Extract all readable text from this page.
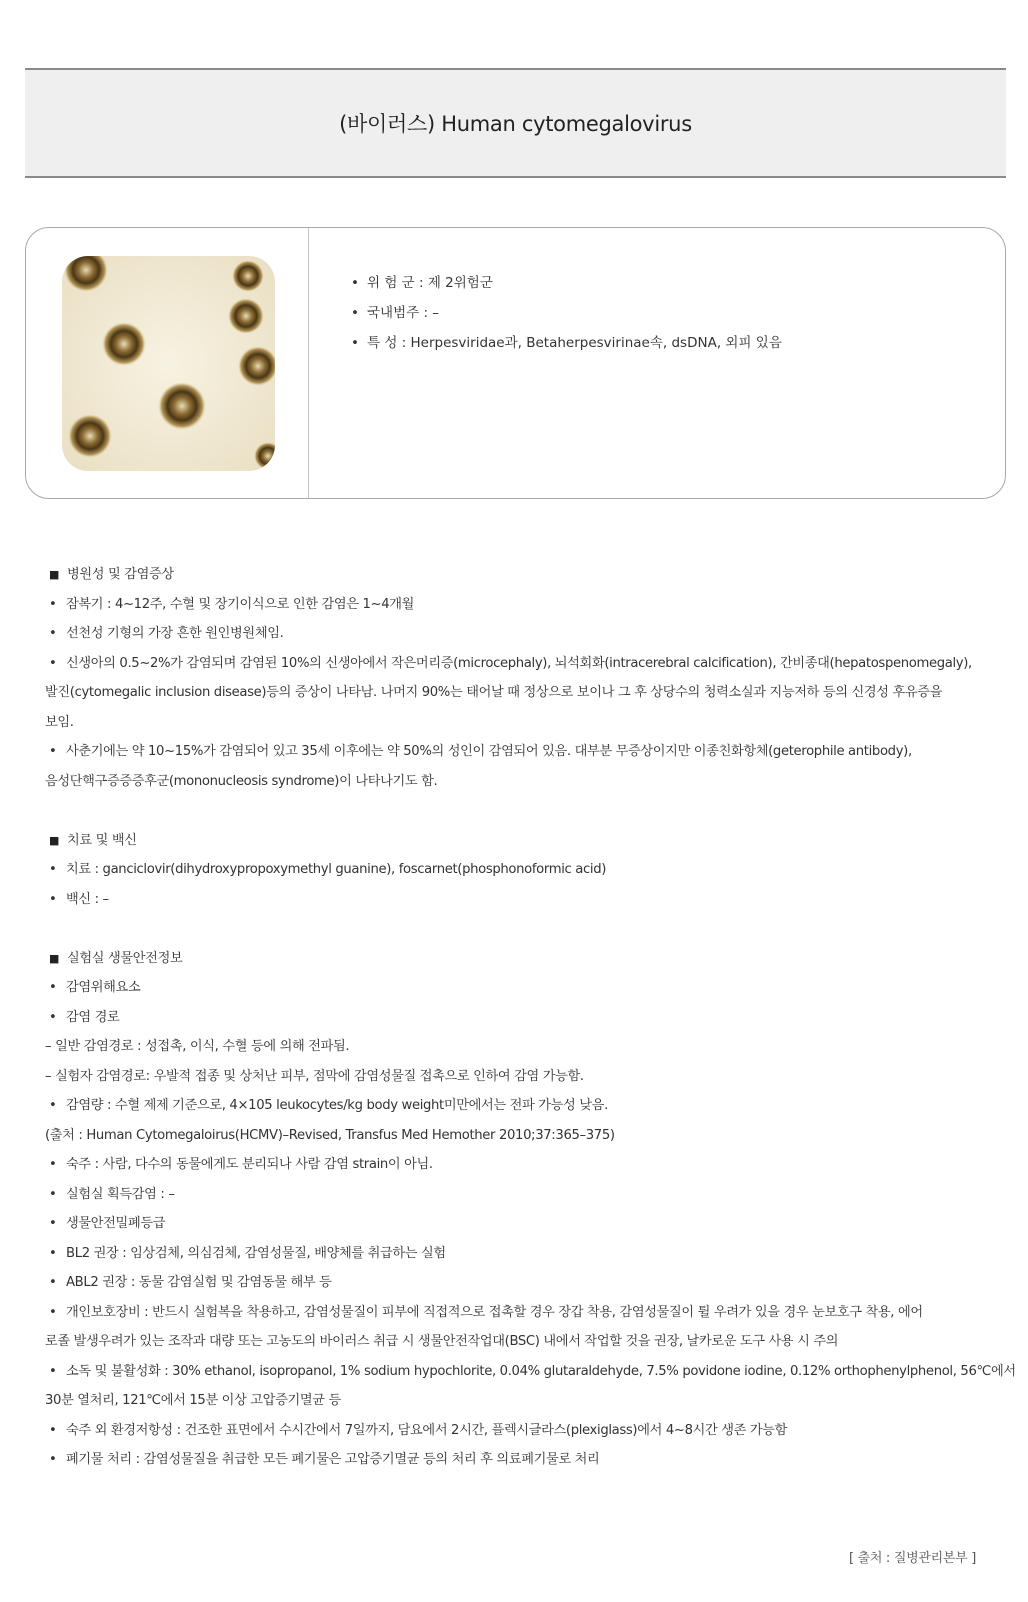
(바이러스) Human cytomegalovirus
• 위 험 군 : 제 2위험군
• 국내범주 : –
• 특 성 : Herpesviridae과, Betaherpesvirinae속, dsDNA, 외피 있음
■ 병원성 및 감염증상
• 잠복기 : 4~12주, 수혈 및 장기이식으로 인한 감염은 1~4개월
• 선천성 기형의 가장 흔한 원인병원체임.
• 신생아의 0.5~2%가 감염되며 감염된 10%의 신생아에서 작은머리증(microcephaly), 뇌석회화(intracerebral calcification), 간비종대(hepatospenomegaly),
발진(cytomegalic inclusion disease)등의 증상이 나타남. 나머지 90%는 태어날 때 정상으로 보이나 그 후 상당수의 청력소실과 지능저하 등의 신경성 후유증을
보임.
• 사춘기에는 약 10~15%가 감염되어 있고 35세 이후에는 약 50%의 성인이 감염되어 있음. 대부분 무증상이지만 이종친화항체(geterophile antibody),
음성단핵구증증증후군(mononucleosis syndrome)이 나타나기도 함.
■ 치료 및 백신
• 치료 : ganciclovir(dihydroxypropoxymethyl guanine), foscarnet(phosphonoformic acid)
• 백신 : –
■ 실험실 생물안전정보
• 감염위해요소
• 감염 경로
– 일반 감염경로 : 성접촉, 이식, 수혈 등에 의해 전파됨.
– 실험자 감염경로: 우발적 접종 및 상처난 피부, 점막에 감염성물질 접촉으로 인하여 감염 가능함.
• 감염량 : 수혈 제제 기준으로, 4×105 leukocytes/kg body weight미만에서는 전파 가능성 낮음.
(출처 : Human Cytomegaloirus(HCMV)–Revised, Transfus Med Hemother 2010;37:365–375)
• 숙주 : 사람, 다수의 동물에게도 분리되나 사람 감염 strain이 아님.
• 실험실 획득감염 : –
• 생물안전밀폐등급
• BL2 권장 : 임상검체, 의심검체, 감염성물질, 배양체를 취급하는 실험
• ABL2 권장 : 동물 감염실험 및 감염동물 해부 등
• 개인보호장비 : 반드시 실험복을 착용하고, 감염성물질이 피부에 직접적으로 접촉할 경우 장갑 착용, 감염성물질이 튈 우려가 있을 경우 눈보호구 착용, 에어
로졸 발생우려가 있는 조작과 대량 또는 고농도의 바이러스 취급 시 생물안전작업대(BSC) 내에서 작업할 것을 권장, 날카로운 도구 사용 시 주의
• 소독 및 불활성화 : 30% ethanol, isopropanol, 1% sodium hypochlorite, 0.04% glutaraldehyde, 7.5% povidone iodine, 0.12% orthophenylphenol, 56℃에서
30분 열처리, 121℃에서 15분 이상 고압증기멸균 등
• 숙주 외 환경저항성 : 건조한 표면에서 수시간에서 7일까지, 담요에서 2시간, 플렉시글라스(plexiglass)에서 4~8시간 생존 가능함
• 폐기물 처리 : 감염성물질을 취급한 모든 폐기물은 고압증기멸균 등의 처리 후 의료폐기물로 처리
[ 출처 : 질병관리본부 ]
